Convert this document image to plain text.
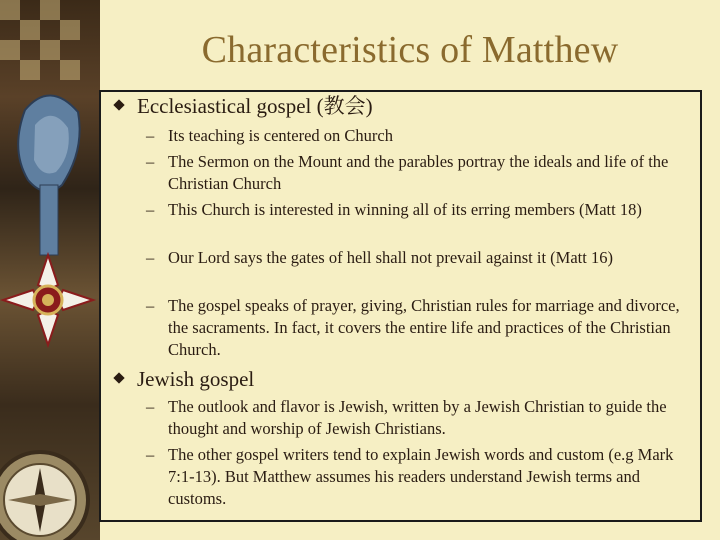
Characteristics of Matthew
Ecclesiastical gospel (教会)
– Its teaching is centered on Church
– The Sermon on the Mount and the parables portray the ideals and life of the Christian Church
– This Church is interested in winning all of its erring members (Matt 18)
– Our Lord says the gates of hell shall not prevail against it (Matt 16)
– The gospel speaks of prayer, giving, Christian rules for marriage and divorce, the sacraments. In fact, it covers the entire life and practices of the Christian Church.
Jewish gospel
– The outlook and flavor is Jewish, written by a Jewish Christian to guide the thought and worship of Jewish Christians.
– The other gospel writers tend to explain Jewish words and custom (e.g Mark 7:1-13). But Matthew assumes his readers understand Jewish terms and customs.
